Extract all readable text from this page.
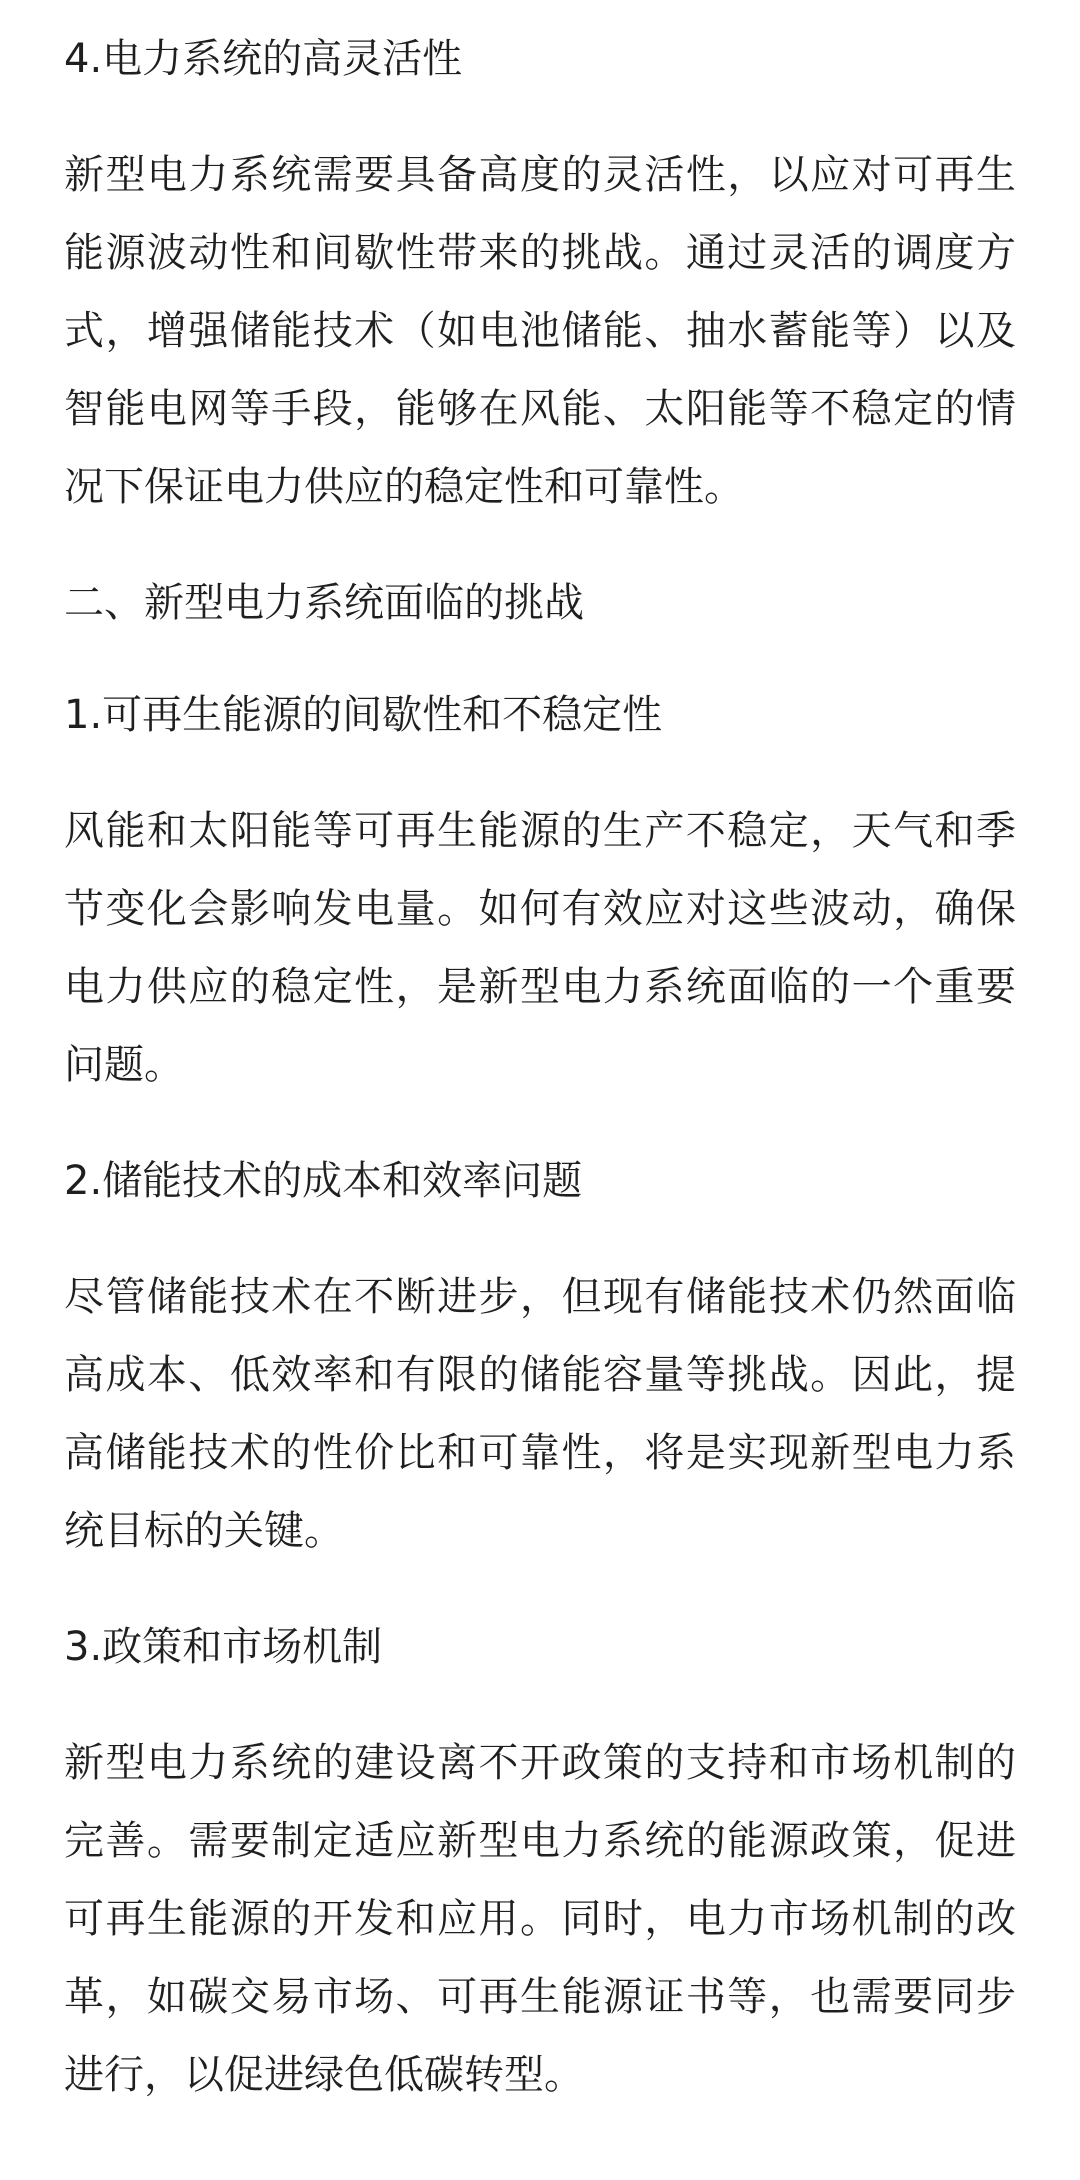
4.电力系统的高灵活性

新型电力系统需要具备高度的灵活性，以应对可再生能源波动性和间歇性带来的挑战。通过灵活的调度方式，增强储能技术（如电池储能、抽水蓄能等）以及智能电网等手段，能够在风能、太阳能等不稳定的情况下保证电力供应的稳定性和可靠性。

二、新型电力系统面临的挑战
1.可再生能源的间歇性和不稳定性

风能和太阳能等可再生能源的生产不稳定，天气和季节变化会影响发电量。如何有效应对这些波动，确保电力供应的稳定性，是新型电力系统面临的一个重要问题。

2.储能技术的成本和效率问题

尽管储能技术在不断进步，但现有储能技术仍然面临高成本、低效率和有限的储能容量等挑战。因此，提高储能技术的性价比和可靠性，将是实现新型电力系统目标的关键。

3.政策和市场机制

新型电力系统的建设离不开政策的支持和市场机制的完善。需要制定适应新型电力系统的能源政策，促进可再生能源的开发和应用。同时，电力市场机制的改革，如碳交易市场、可再生能源证书等，也需要同步进行，以促进绿色低碳转型。
